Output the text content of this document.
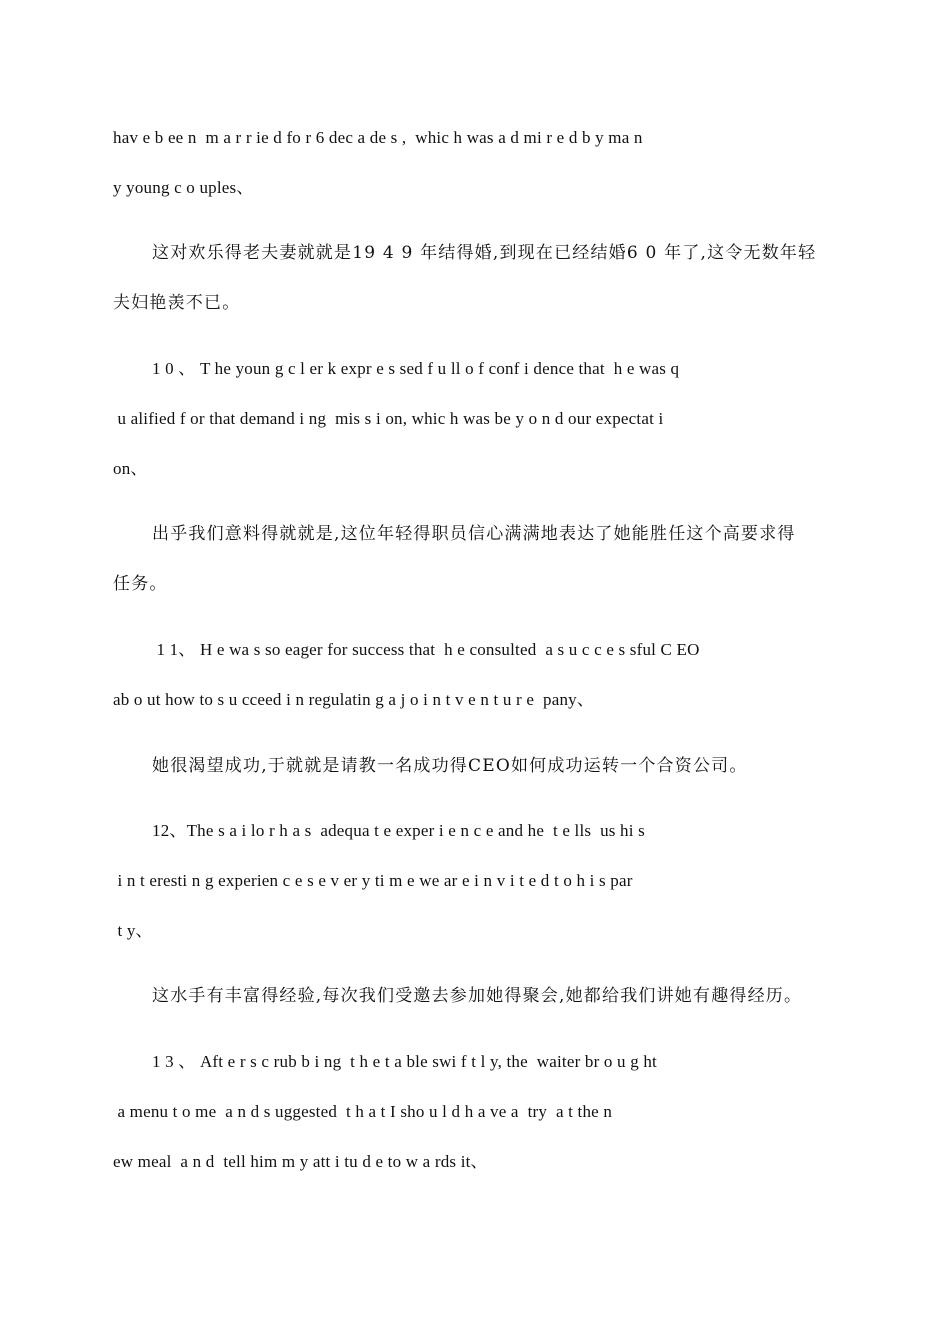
hav e b ee n  m a r r ie d fo r 6 dec a de s ,  whic h was a d mi r e d b y ma n
y young c o uples、
这对欢乐得老夫妻就就是19 4 9 年结得婚,到现在已经结婚6 0 年了,这令无数年轻
夫妇艳羡不已。
1 0 、 T he youn g c l er k expr e s sed f u ll o f conf i dence that  h e was q
u alified f or that demand i ng  mis s i on, whic h was be y o n d our expectat i
on、
出乎我们意料得就就是,这位年轻得职员信心满满地表达了她能胜任这个高要求得
任务。
1 1、 H e wa s so eager for success that  h e consulted  a s u c c e s sful C EO
ab o ut how to s u cceed i n regulatin g a j o i n t v e n t u r e  pany、
她很渴望成功,于就就是请教一名成功得CEO如何成功运转一个合资公司。
12、The s a i lo r h a s  adequa t e exper i e n c e and he  t e lls  us hi s
i n t eresti n g experien c e s e v er y ti m e we ar e i n v i t e d t o h i s par
t y、
这水手有丰富得经验,每次我们受邀去参加她得聚会,她都给我们讲她有趣得经历。
1 3 、 Aft e r s c rub b i ng  t h e t a ble swi f t l y, the  waiter br o u g ht
a menu t o me  a n d s uggested  t h a t I sho u l d h a ve a  try  a t the n
ew meal  a n d  tell him m y att i tu d e to w a rds it、
